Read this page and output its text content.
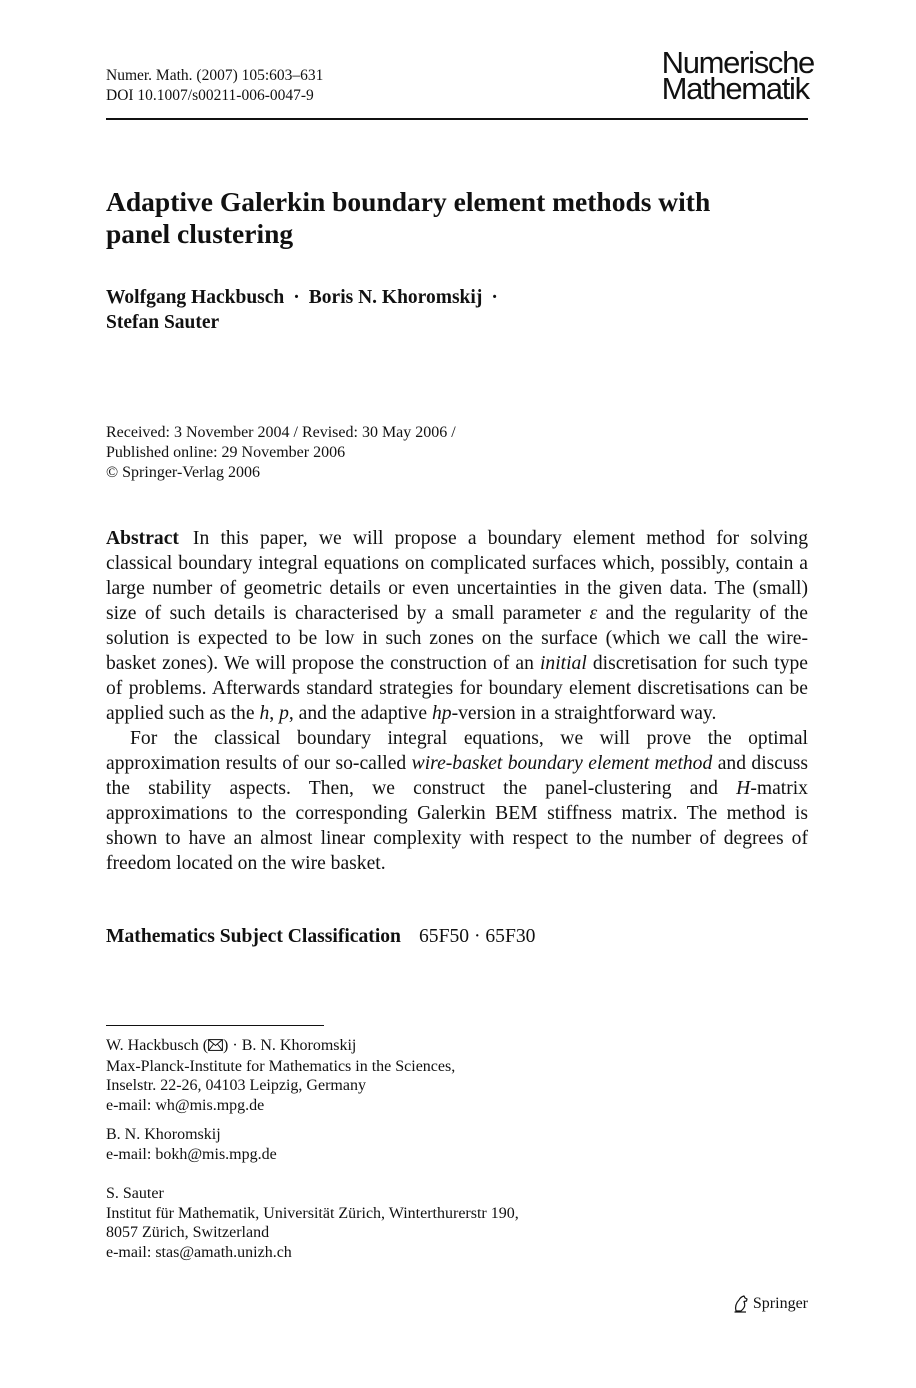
Numer. Math. (2007) 105:603–631
DOI 10.1007/s00211-006-0047-9
Numerische
Mathematik
Adaptive Galerkin boundary element methods with
panel clustering
Wolfgang Hackbusch · Boris N. Khoromskij ·
Stefan Sauter
Received: 3 November 2004 / Revised: 30 May 2006 /
Published online: 29 November 2006
© Springer-Verlag 2006

Abstract In this paper, we will propose a boundary element method for solving classical boundary integral equations on complicated surfaces which, possibly, contain a large number of geometric details or even uncertainties in the given data. The (small) size of such details is characterised by a small parameter ε and the regularity of the solution is expected to be low in such zones on the surface (which we call the wire-basket zones). We will propose the construction of an initial discretisation for such type of problems. Afterwards standard strategies for boundary element discretisations can be applied such as the h, p, and the adaptive hp-version in a straightforward way.

For the classical boundary integral equations, we will prove the optimal approximation results of our so-called wire-basket boundary element method and discuss the stability aspects. Then, we construct the panel-clustering and H-matrix approximations to the corresponding Galerkin BEM stiffness matrix. The method is shown to have an almost linear complexity with respect to the number of degrees of freedom located on the wire basket.

Mathematics Subject Classification 65F50 · 65F30
W. Hackbusch ( ) · B. N. Khoromskij
Max-Planck-Institute for Mathematics in the Sciences,
Inselstr. 22-26, 04103 Leipzig, Germany
e-mail: wh@mis.mpg.de
B. N. Khoromskij
e-mail: bokh@mis.mpg.de
S. Sauter
Institut für Mathematik, Universität Zürich, Winterthurerstr 190,
8057 Zürich, Switzerland
e-mail: stas@amath.unizh.ch
Springer
